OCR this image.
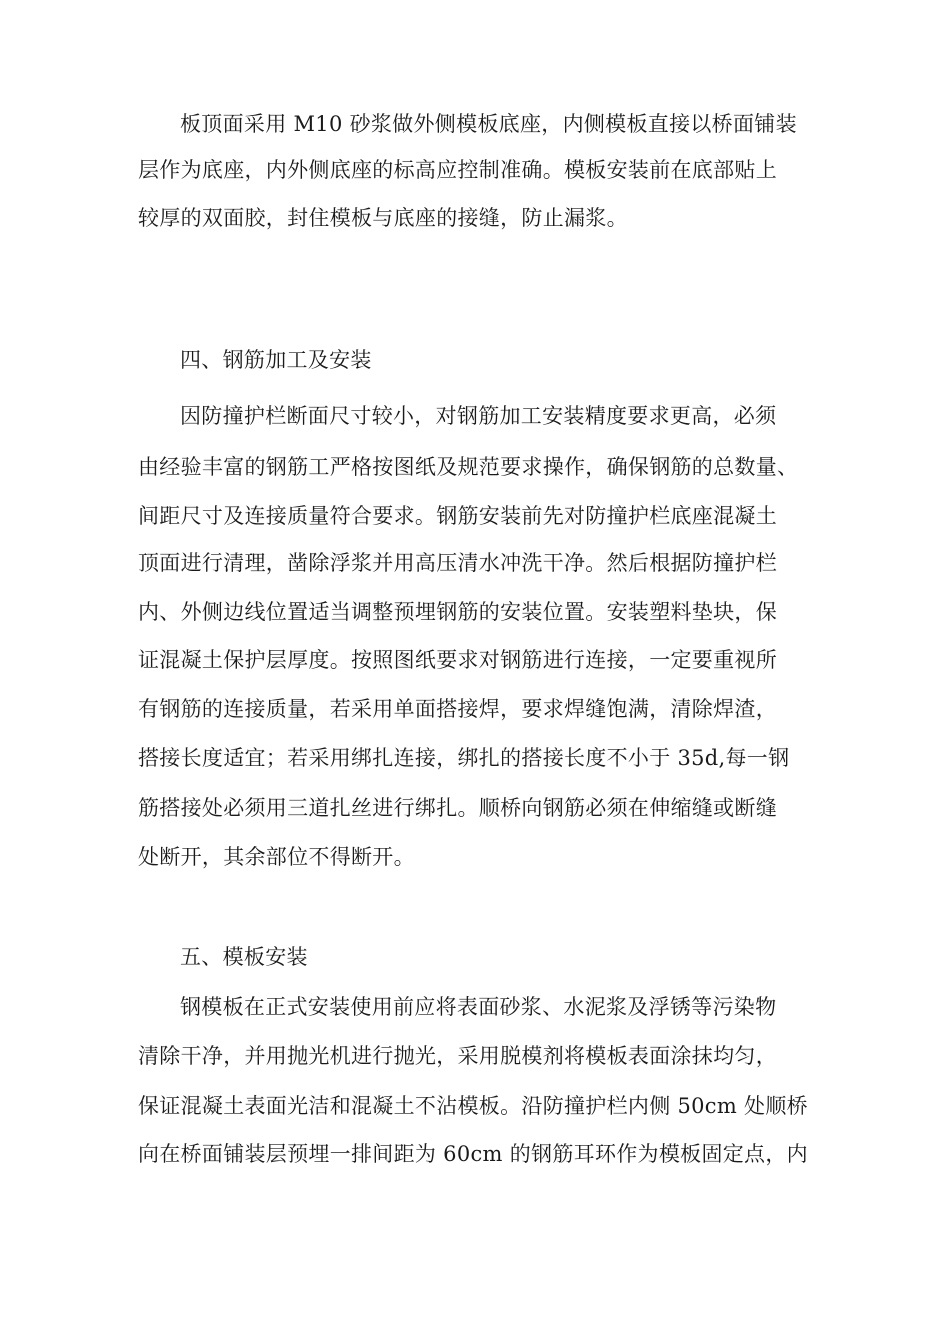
板顶面采用 M10 砂浆做外侧模板底座，内侧模板直接以桥面铺装
层作为底座，内外侧底座的标高应控制准确。模板安装前在底部贴上
较厚的双面胶，封住模板与底座的接缝，防止漏浆。
四、钢筋加工及安装
因防撞护栏断面尺寸较小，对钢筋加工安装精度要求更高，必须
由经验丰富的钢筋工严格按图纸及规范要求操作，确保钢筋的总数量、
间距尺寸及连接质量符合要求。钢筋安装前先对防撞护栏底座混凝土
顶面进行清理，凿除浮浆并用高压清水冲洗干净。然后根据防撞护栏
内、外侧边线位置适当调整预埋钢筋的安装位置。安装塑料垫块，保
证混凝土保护层厚度。按照图纸要求对钢筋进行连接，一定要重视所
有钢筋的连接质量，若采用单面搭接焊，要求焊缝饱满，清除焊渣，
搭接长度适宜；若采用绑扎连接，绑扎的搭接长度不小于 35d,每一钢
筋搭接处必须用三道扎丝进行绑扎。顺桥向钢筋必须在伸缩缝或断缝
处断开，其余部位不得断开。
五、模板安装
钢模板在正式安装使用前应将表面砂浆、水泥浆及浮锈等污染物
清除干净，并用抛光机进行抛光，采用脱模剂将模板表面涂抹均匀，
保证混凝土表面光洁和混凝土不沾模板。沿防撞护栏内侧 50cm 处顺桥
向在桥面铺装层预埋一排间距为 60cm 的钢筋耳环作为模板固定点，内
